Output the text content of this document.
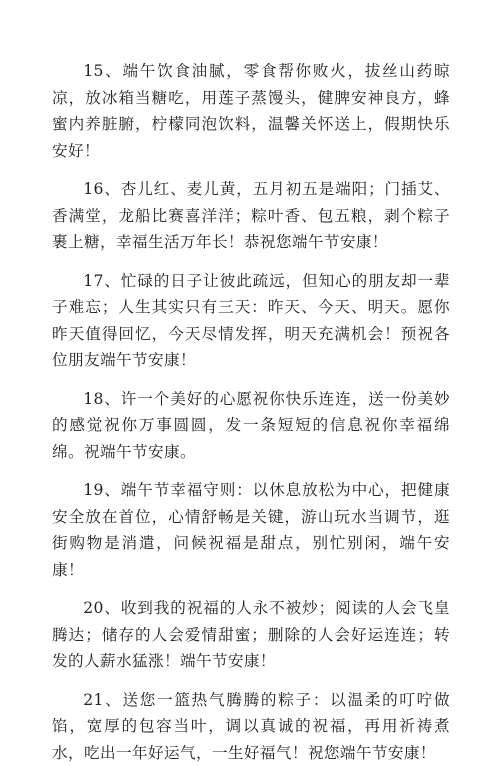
15、端午饮食油腻，零食帮你败火，拔丝山药晾凉，放冰箱当糖吃，用莲子蒸馒头，健脾安神良方，蜂蜜内养脏腑，柠檬同泡饮料，温馨关怀送上，假期快乐安好！

16、杏儿红、麦儿黄，五月初五是端阳；门插艾、香满堂，龙船比赛喜洋洋；粽叶香、包五粮，剥个粽子裹上糖，幸福生活万年长！恭祝您端午节安康！

17、忙碌的日子让彼此疏远，但知心的朋友却一辈子难忘；人生其实只有三天：昨天、今天、明天。愿你昨天值得回忆，今天尽情发挥，明天充满机会！预祝各位朋友端午节安康！

18、许一个美好的心愿祝你快乐连连，送一份美妙的感觉祝你万事圆圆，发一条短短的信息祝你幸福绵绵。祝端午节安康。

19、端午节幸福守则：以休息放松为中心，把健康安全放在首位，心情舒畅是关键，游山玩水当调节，逛街购物是消遣，问候祝福是甜点，别忙别闲，端午安康！

20、收到我的祝福的人永不被炒；阅读的人会飞皇腾达；储存的人会爱情甜蜜；删除的人会好运连连；转发的人薪水猛涨！端午节安康！

21、送您一篮热气腾腾的粽子：以温柔的叮咛做馅，宽厚的包容当叶，调以真诚的祝福，再用祈祷煮水，吃出一年好运气，一生好福气！祝您端午节安康！
